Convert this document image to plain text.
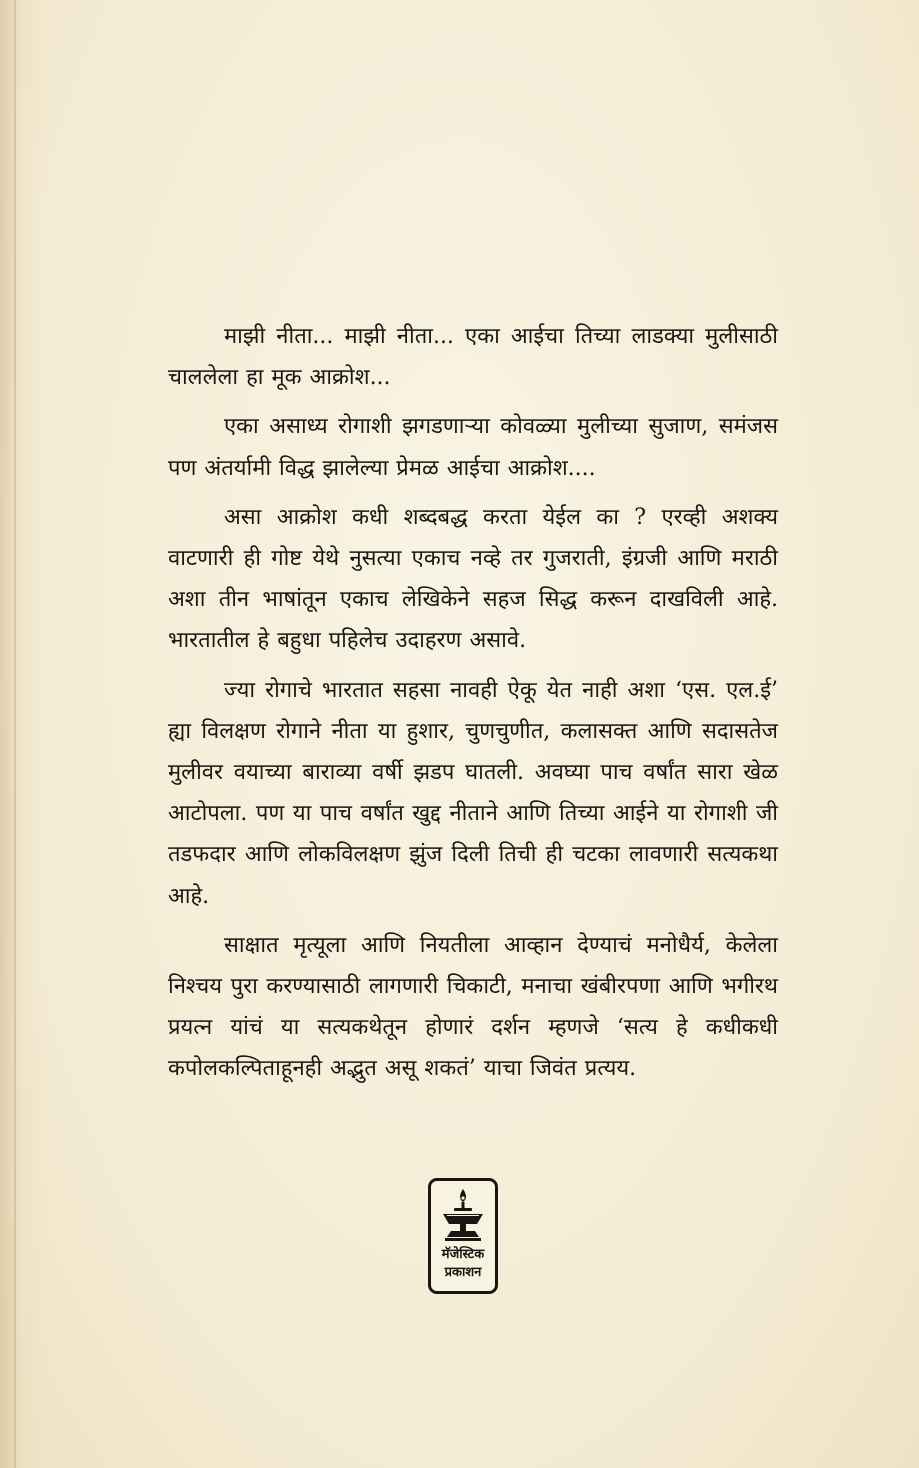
माझी नीता... माझी नीता... एका आईचा तिच्या लाडक्या मुलीसाठी चाललेला हा मूक आक्रोश...

एका असाध्य रोगाशी झगडणाऱ्या कोवळ्या मुलीच्या सुजाण, समंजस पण अंतर्यामी विद्ध झालेल्या प्रेमळ आईचा आक्रोश....

असा आक्रोश कधी शब्दबद्ध करता येईल का ? एरव्ही अशक्य वाटणारी ही गोष्ट येथे नुसत्या एकाच नव्हे तर गुजराती, इंग्रजी आणि मराठी अशा तीन भाषांतून एकाच लेखिकेने सहज सिद्ध करून दाखविली आहे. भारतातील हे बहुधा पहिलेच उदाहरण असावे.

ज्या रोगाचे भारतात सहसा नावही ऐकू येत नाही अशा ‘एस. एल.ई’ ह्या विलक्षण रोगाने नीता या हुशार, चुणचुणीत, कलासक्त आणि सदासतेज मुलीवर वयाच्या बाराव्या वर्षी झडप घातली. अवघ्या पाच वर्षांत सारा खेळ आटोपला. पण या पाच वर्षांत खुद्द नीताने आणि तिच्या आईने या रोगाशी जी तडफदार आणि लोकविलक्षण झुंज दिली तिची ही चटका लावणारी सत्यकथा आहे.

साक्षात मृत्यूला आणि नियतीला आव्हान देण्याचं मनोधैर्य, केलेला निश्चय पुरा करण्यासाठी लागणारी चिकाटी, मनाचा खंबीरपणा आणि भगीरथ प्रयत्न यांचं या सत्यकथेतून होणारं दर्शन म्हणजे ‘सत्य हे कधीकधी कपोलकल्पिताहूनही अद्भुत असू शकतं’ याचा जिवंत प्रत्यय.

मॅजेस्टिक
प्रकाशन
· ·
· ·
·
